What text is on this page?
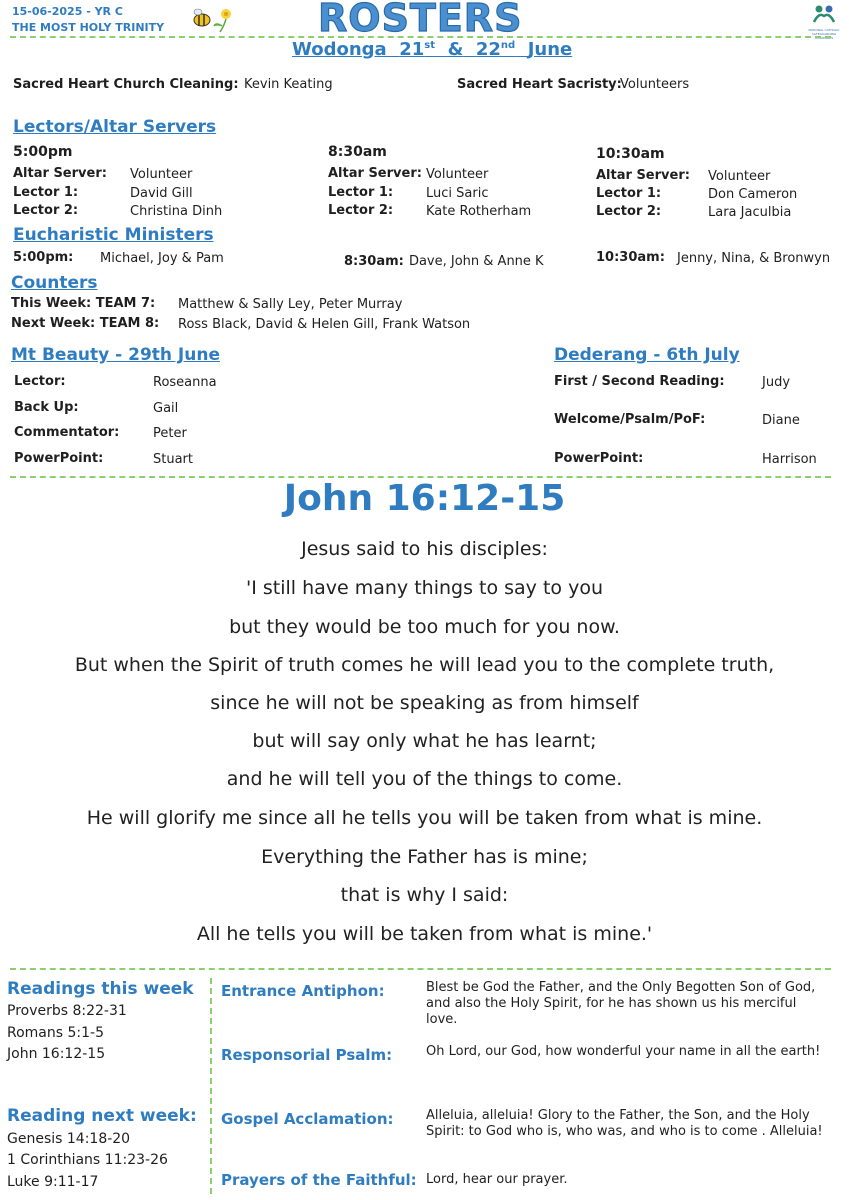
15-06-2025 - YR C
THE MOST HOLY TRINITY	ROSTERS
Wodonga 21st & 22nd June
NATIONAL CATHOLIC SAFEGUARDING STANDARDS
Sacred Heart Church Cleaning: Kevin Keating	Sacred Heart Sacristy:
Volunteers
Lectors/Altar Servers
5:00pm
Altar Server: Volunteer
Lector 1:	David Gill
Lector 2:	Christina Dinh
8:30am
Altar Server: Volunteer
Lector 1:	Luci Saric
Lector 2:	Kate Rotherham
10:30am
Altar Server: Volunteer
Lector 1:	Don Cameron
Lector 2:	Lara Jaculbia
Eucharistic Ministers
5:00pm: Michael, Joy & Pam	8:30am: Dave, John & Anne K	10:30am: Jenny, Nina, & Bronwyn
Counters
This Week: TEAM 7: Matthew & Sally Ley, Peter Murray
Next Week: TEAM 8: Ross Black, David & Helen Gill, Frank Watson
Mt Beauty - 29th June
Lector:	Roseanna
Back Up:	Gail
Commentator:	Peter
PowerPoint:	Stuart
Dederang - 6th July
First / Second Reading:	Judy
Welcome/Psalm/PoF:	Diane
PowerPoint:	Harrison
John 16:12-15
Jesus said to his disciples:
'I still have many things to say to you
but they would be too much for you now.
But when the Spirit of truth comes he will lead you to the complete truth,
since he will not be speaking as from himself
but will say only what he has learnt;
and he will tell you of the things to come.
He will glorify me since all he tells you will be taken from what is mine.
Everything the Father has is mine;
that is why I said:
All he tells you will be taken from what is mine.'
Readings this week
Proverbs 8:22-31
Romans 5:1-5
John 16:12-15
Reading next week:
Genesis 14:18-20
1 Corinthians 11:23-26
Luke 9:11-17
Entrance Antiphon:	Blest be God the Father, and the Only Begotten Son of God, and also the Holy Spirit, for he has shown us his merciful love.
Responsorial Psalm:	Oh Lord, our God, how wonderful your name in all the earth!
Gospel Acclamation: Alleluia, alleluia! Glory to the Father, the Son, and the Holy Spirit: to God who is, who was, and who is to come . Alleluia!
Prayers of the Faithful: Lord, hear our prayer.
